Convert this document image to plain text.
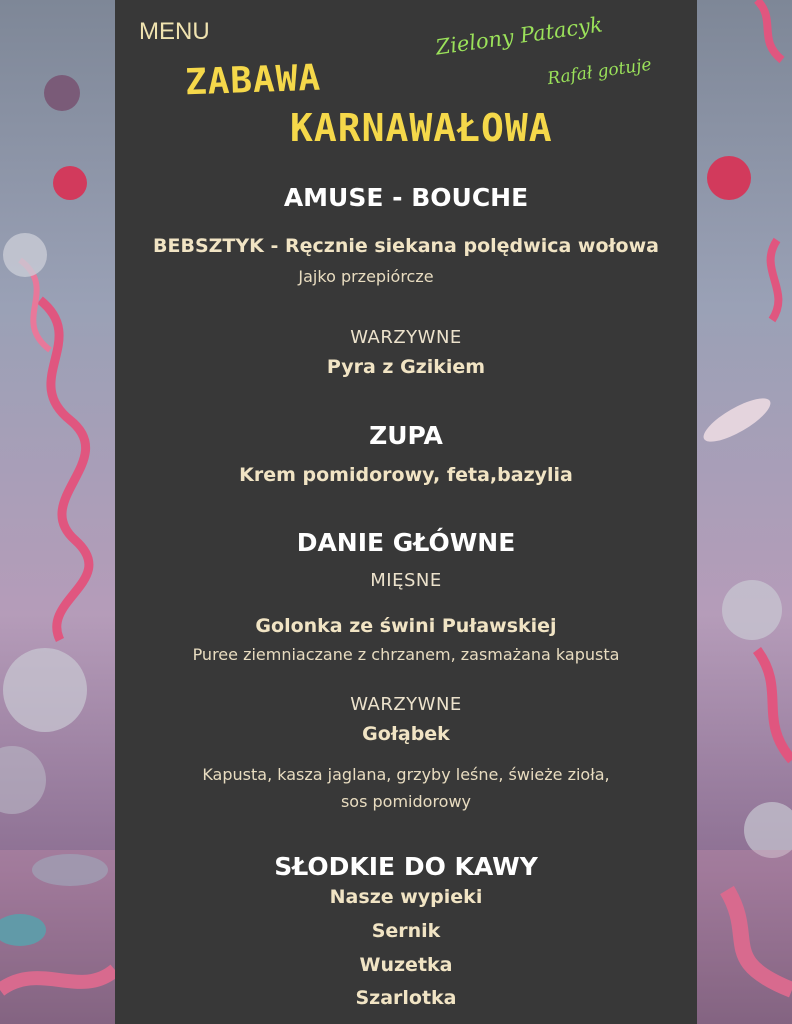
MENU
ZABAWA
KARNAWAŁOWA
Zielony Patacyk
Rafał gotuje
AMUSE - BOUCHE
BEBSZTYK - Ręcznie siekana polędwica wołowa
Jajko przepiórcze
WARZYWNE
Pyra z Gzikiem
ZUPA
Krem pomidorowy, feta,bazylia
DANIE GŁÓWNE
MIĘSNE
Golonka ze świni Puławskiej
Puree ziemniaczane z chrzanem, zasmażana kapusta
WARZYWNE
Gołąbek
Kapusta, kasza jaglana, grzyby leśne, świeże zioła,
sos pomidorowy
SŁODKIE DO KAWY
Nasze wypieki
Sernik
Wuzetka
Szarlotka
